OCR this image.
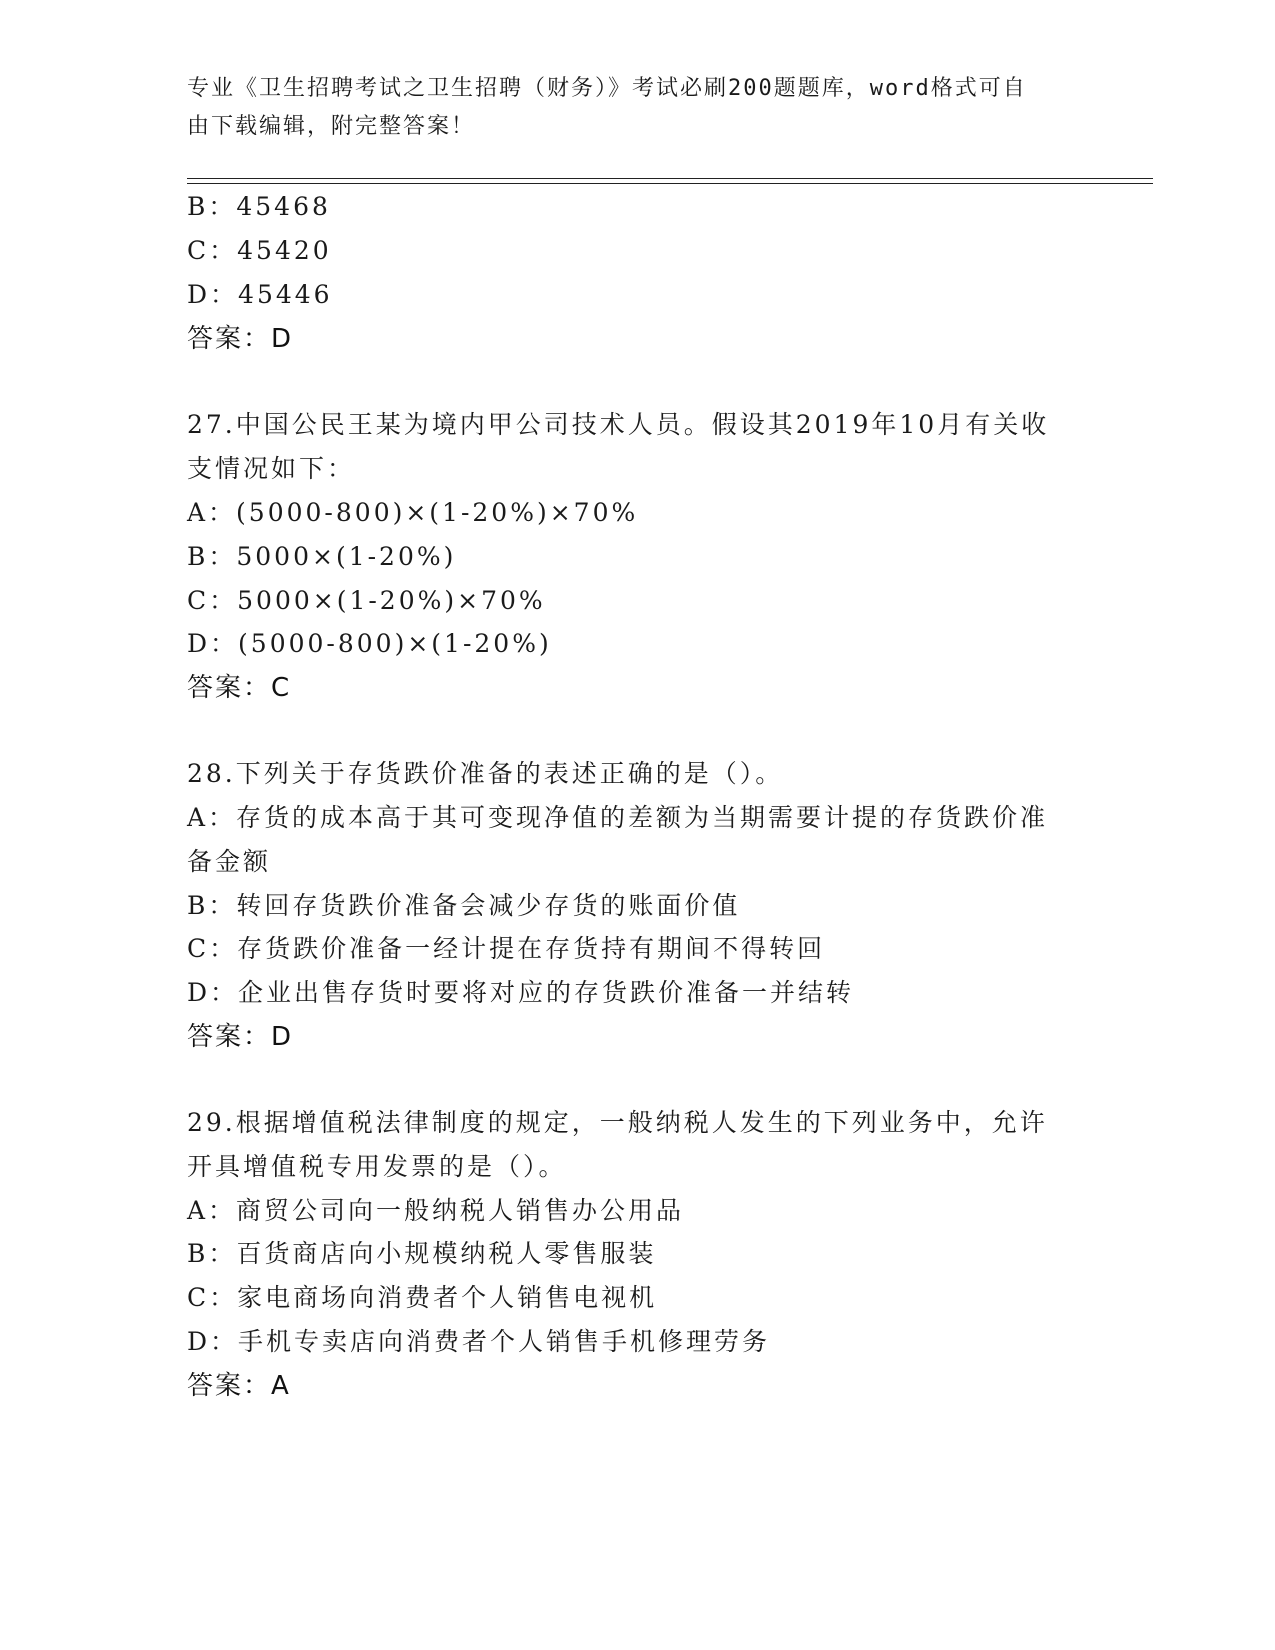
专业《卫生招聘考试之卫生招聘（财务）》考试必刷200题题库，word格式可自
由下载编辑，附完整答案！
B：45468
C：45420
D：45446
答案：D
27.中国公民王某为境内甲公司技术人员。假设其2019年10月有关收
支情况如下：
A：(5000-800)×(1-20%)×70%
B：5000×(1-20%)
C：5000×(1-20%)×70%
D：(5000-800)×(1-20%)
答案：C
28.下列关于存货跌价准备的表述正确的是（）。
A：存货的成本高于其可变现净值的差额为当期需要计提的存货跌价准
备金额
B：转回存货跌价准备会减少存货的账面价值
C：存货跌价准备一经计提在存货持有期间不得转回
D：企业出售存货时要将对应的存货跌价准备一并结转
答案：D
29.根据增值税法律制度的规定，一般纳税人发生的下列业务中，允许
开具增值税专用发票的是（）。
A：商贸公司向一般纳税人销售办公用品
B：百货商店向小规模纳税人零售服装
C：家电商场向消费者个人销售电视机
D：手机专卖店向消费者个人销售手机修理劳务
答案：A
